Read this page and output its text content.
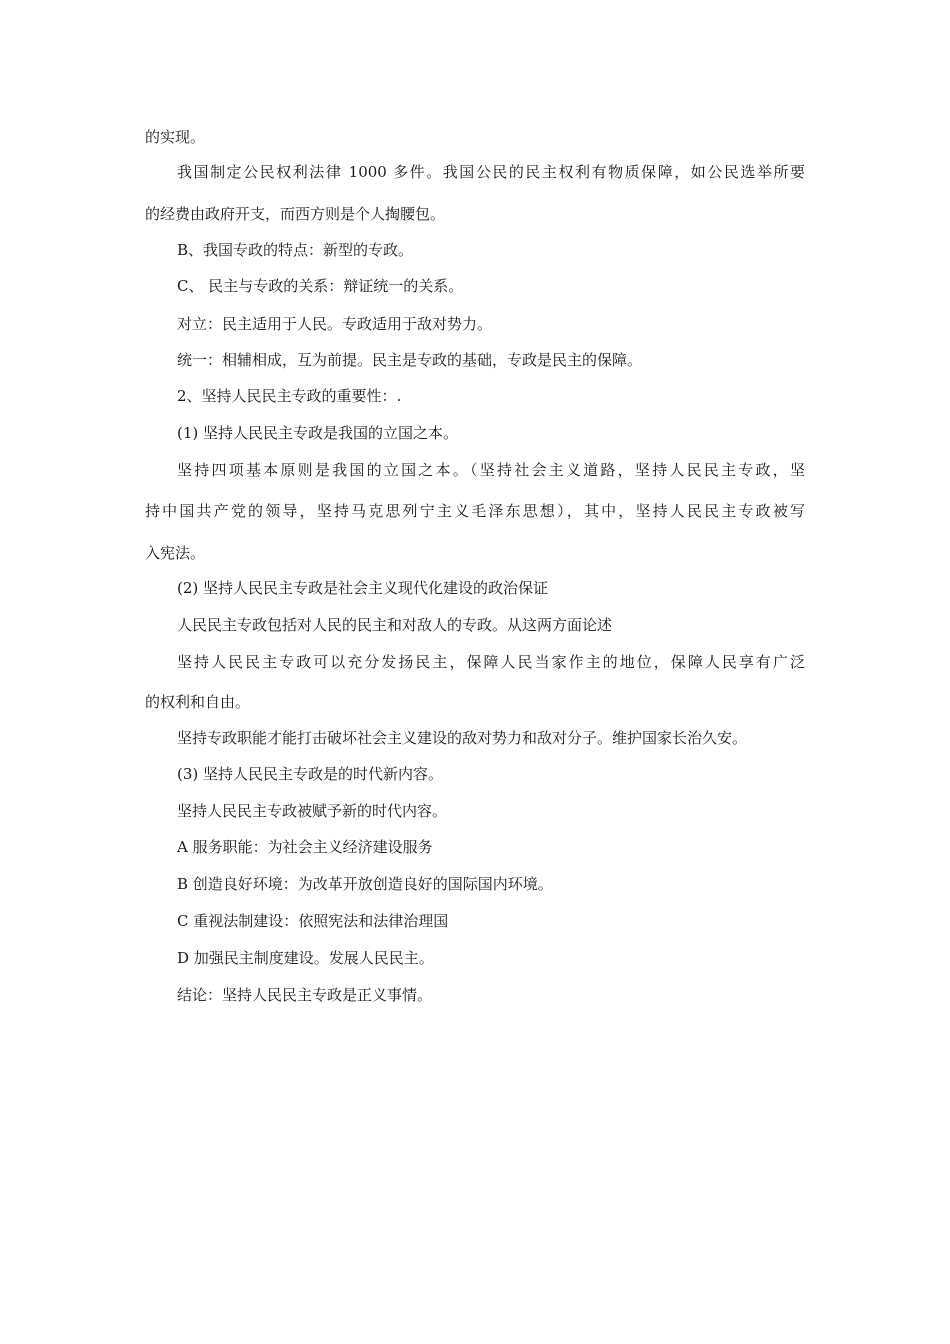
的实现。
我国制定公民权利法律 1000 多件。我国公民的民主权利有物质保障，如公民选举所要
的经费由政府开支，而西方则是个人掏腰包。
B、我国专政的特点：新型的专政。
C、 民主与专政的关系：辩证统一的关系。
对立：民主适用于人民。专政适用于敌对势力。
统一：相辅相成，互为前提。民主是专政的基础，专政是民主的保障。
2、坚持人民民主专政的重要性：.
(1) 坚持人民民主专政是我国的立国之本。
坚持四项基本原则是我国的立国之本。（坚持社会主义道路，坚持人民民主专政，坚
持中国共产党的领导，坚持马克思列宁主义毛泽东思想），其中，坚持人民民主专政被写
入宪法。
(2) 坚持人民民主专政是社会主义现代化建设的政治保证
人民民主专政包括对人民的民主和对敌人的专政。从这两方面论述
坚持人民民主专政可以充分发扬民主，保障人民当家作主的地位，保障人民享有广泛
的权利和自由。
坚持专政职能才能打击破坏社会主义建设的敌对势力和敌对分子。维护国家长治久安。
(3) 坚持人民民主专政是的时代新内容。
坚持人民民主专政被赋予新的时代内容。
A 服务职能：为社会主义经济建设服务
B 创造良好环境：为改革开放创造良好的国际国内环境。
C 重视法制建设：依照宪法和法律治理国
D 加强民主制度建设。发展人民民主。
结论：坚持人民民主专政是正义事情。
